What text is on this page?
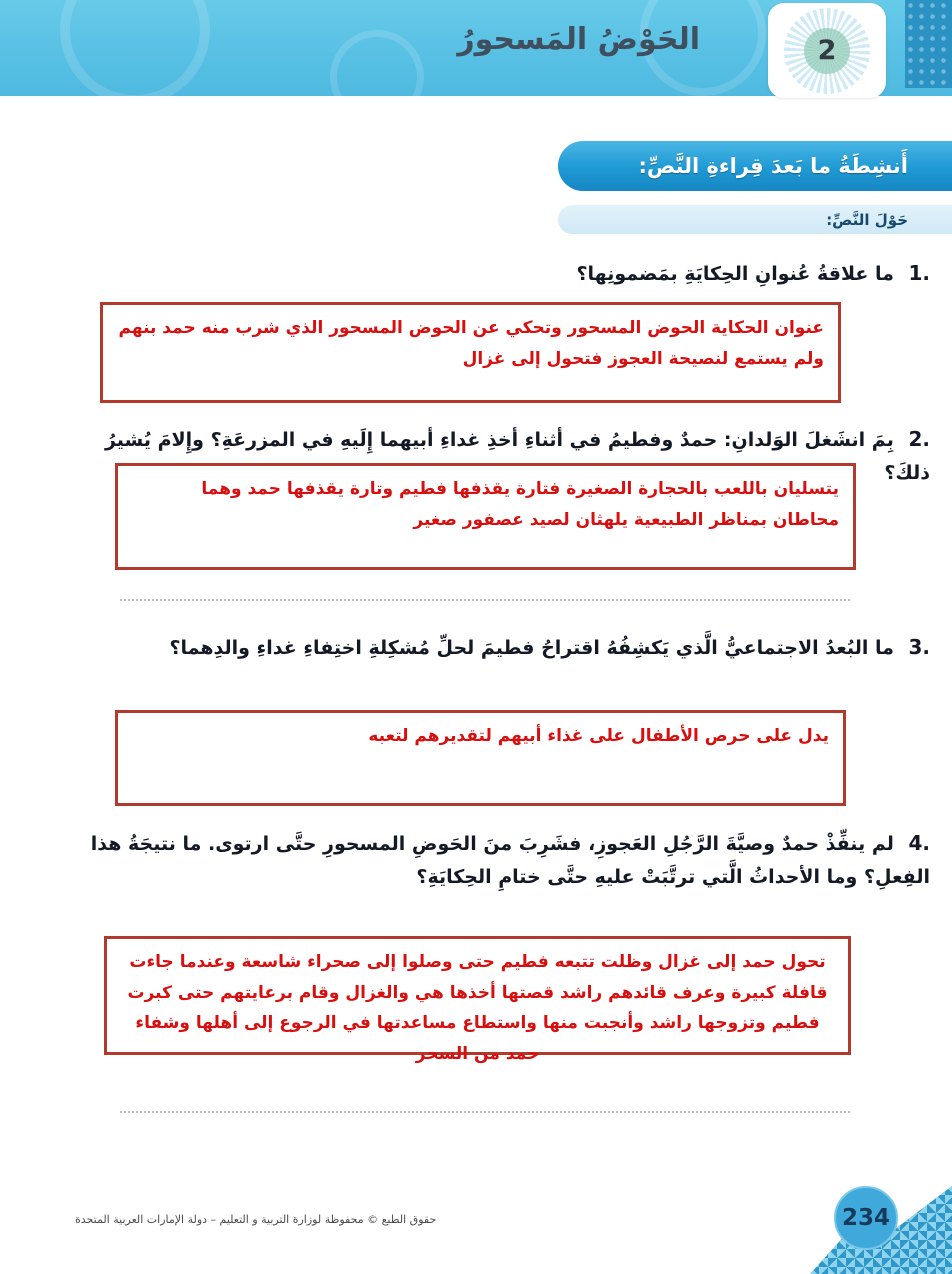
الحَوْضُ المَسحورُ	2
أَنشِطَةُ ما بَعدَ قِراءةِ النَّصِّ:
حَوْلَ النَّصِّ:
1. ما علاقةُ عُنوانِ الحِكايَةِ بمَضمونِها؟
عنوان الحكاية الحوض المسحور وتحكي عن الحوض المسحور الذي شرب منه حمد بنهم ولم يستمع لنصيحة العجوز فتحول إلى غزال
2. بِمَ انشَغلَ الوَلدانِ: حمدٌ وفطيمُ في أثناءِ أخذِ غداءِ أبيهما إِلَيهِ في المزرعَةِ؟ وإِلامَ يُشيرُ ذلكَ؟
يتسليان باللعب بالحجارة الصغيرة فتارة يقذفها فطيم وتارة يقذفها حمد وهما محاطان بمناظر الطبيعية يلهثان لصيد عصفور صغير
3. ما البُعدُ الاجتماعيُّ الَّذي يَكشِفُهُ اقتراحُ فطيمَ لحلِّ مُشكِلةِ اختِفاءِ غداءِ والدِهما؟
يدل على حرص الأطفال على غذاء أبيهم لتقديرهم لتعبه
4. لم ينفِّذْ حمدٌ وصيَّةَ الرَّجُلِ العَجوزِ، فشَرِبَ منَ الحَوضِ المسحورِ حتَّى ارتوى. ما نتيجَةُ هذا الفِعلِ؟ وما الأحداثُ الَّتي ترتَّبَتْ عليهِ حتَّى ختامِ الحِكايَةِ؟
تحول حمد إلى غزال وظلت تتبعه فطيم حتى وصلوا إلى صحراء شاسعة وعندما جاءت قافلة كبيرة وعرف قائدهم راشد قصتها أخذها هي والغزال وقام برعايتهم حتى كبرت فطيم وتزوجها راشد وأنجبت منها واستطاع مساعدتها في الرجوع إلى أهلها وشفاء حمد من السحر
حقوق الطبع © محفوظة لوزارة التربية و التعليم – دولة الإمارات العربية المتحدة	234
